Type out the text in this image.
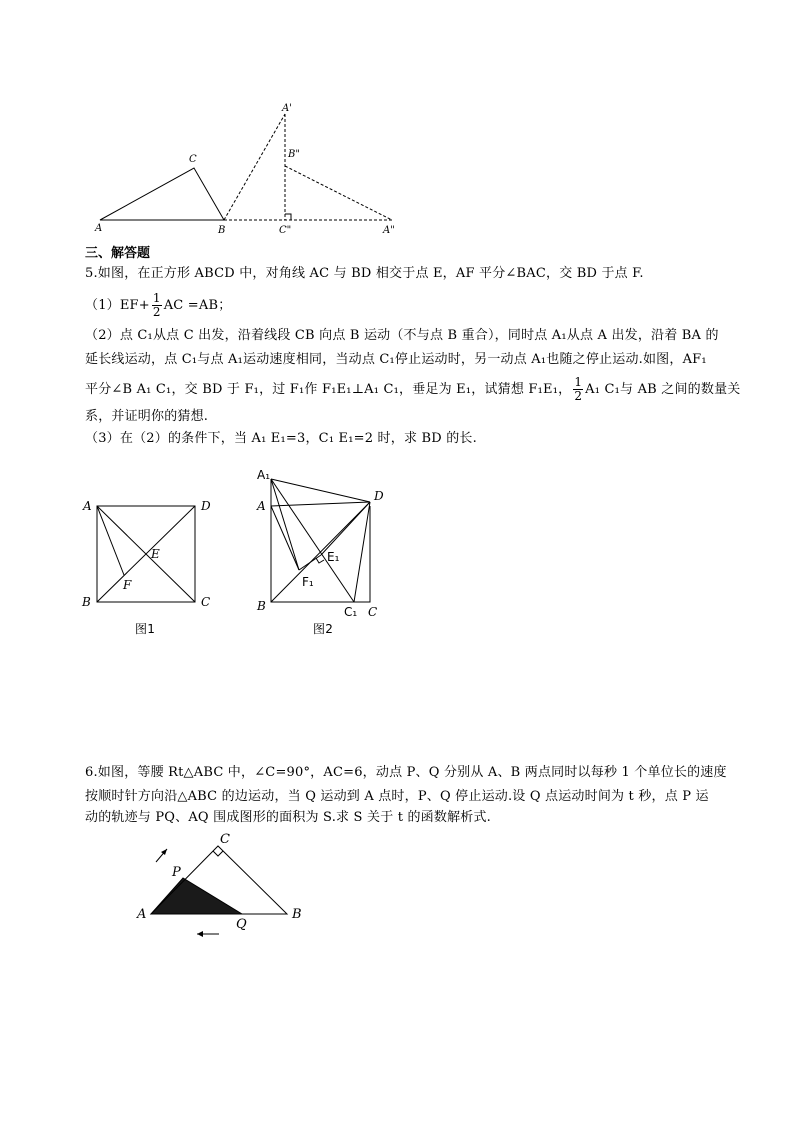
A
C
B
A'
B"
C"	A"
三、解答题
5.如图，在正方形 ABCD 中，对角线 AC 与 BD 相交于点 E，AF 平分∠BAC，交 BD 于点 F.
$(1)EF+ \frac{1}{2}$ AC =AB；
（2）点 C₁从点 C 出发，沿着线段 CB 向点 B 运动（不与点 B 重合），同时点 A₁从点 A 出发，沿着 BA 的
延长线运动，点 C₁与点 A₁运动速度相同，当动点 C₁停止运动时，另一动点 A₁也随之停止运动.如图，AF₁
平分∠B A₁ C₁，交 BD 于 F₁，过 F₁作 F₁E₁⊥A₁ C₁，垂足为 E₁，试猜想 F₁E₁， $\frac{1}{2} A_1$ C₁与 AB 之间的数量关
系，并证明你的猜想.
（3）在（2）的条件下，当 A₁ E₁=3，C₁ E₁=2 时，求 BD 的长.
A	D
E
F
B	C
图1
A₁
A
D
E₁
F₁
B	C₁ C
图2
6.如图，等腰 Rt△ABC 中，∠C=90°，AC=6，动点 P、Q 分别从 A、B 两点同时以每秒 1 个单位长的速度
按顺时针方向沿△ABC 的边运动，当 Q 运动到 A 点时，P、Q 停止运动.设 Q 点运动时间为 t 秒，点 P 运
动的轨迹与 PQ、AQ 围成图形的面积为 S.求 S 关于 t 的函数解析式.
C
P
A
Q
B
